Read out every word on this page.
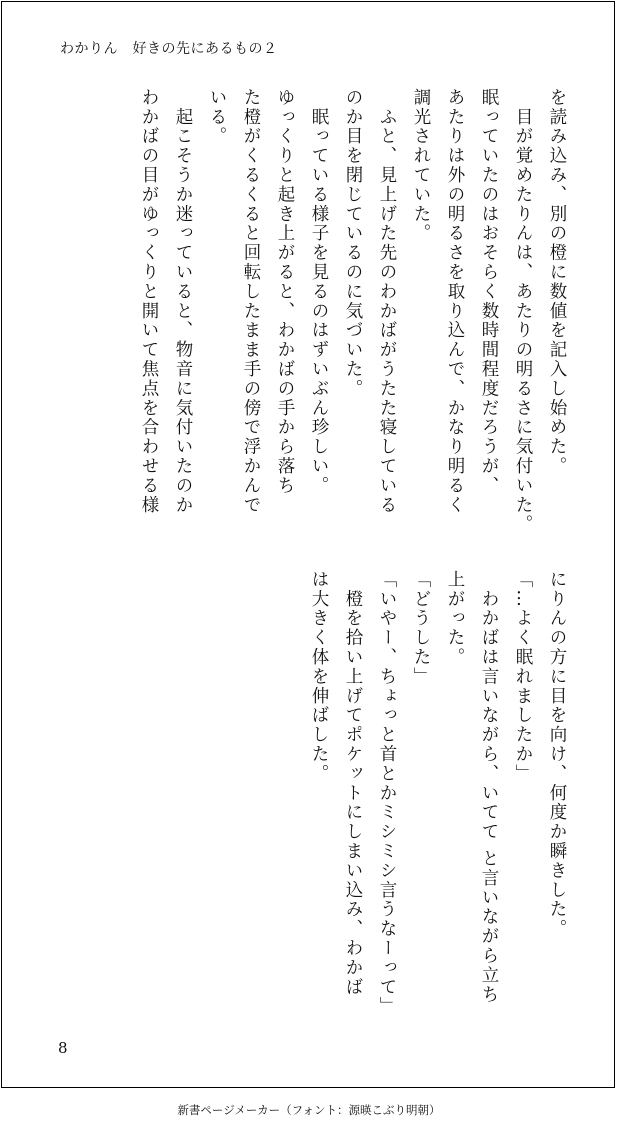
わかりん　好きの先にあるもの２

を読み込み、別の橙に数値を記入し始めた。

　目が覚めたりんは、あたりの明るさに気付いた。

眠っていたのはおそらく数時間程度だろうが、

あたりは外の明るさを取り込んで、かなり明るく

調光されていた。

　ふと、見上げた先のわかばがうたた寝している

のか目を閉じているのに気づいた。

　眠っている様子を見るのはずいぶん珍しい。

ゆっくりと起き上がると、わかばの手から落ち

た橙がくるくると回転したまま手の傍で浮かんで

いる。

　起こそうか迷っていると、物音に気付いたのか

わかばの目がゆっくりと開いて焦点を合わせる様

にりんの方に目を向け、何度か瞬きした。

「…よく眠れましたか」

　わかばは言いながら、いてて と言いながら立ち

上がった。

「どうした」

「いやー、ちょっと首とかミシミシ言うなーって」

　橙を拾い上げてポケットにしまい込み、わかば

は大きく体を伸ばした。

8
新書ページメーカー（フォント：源暎こぶり明朝）
